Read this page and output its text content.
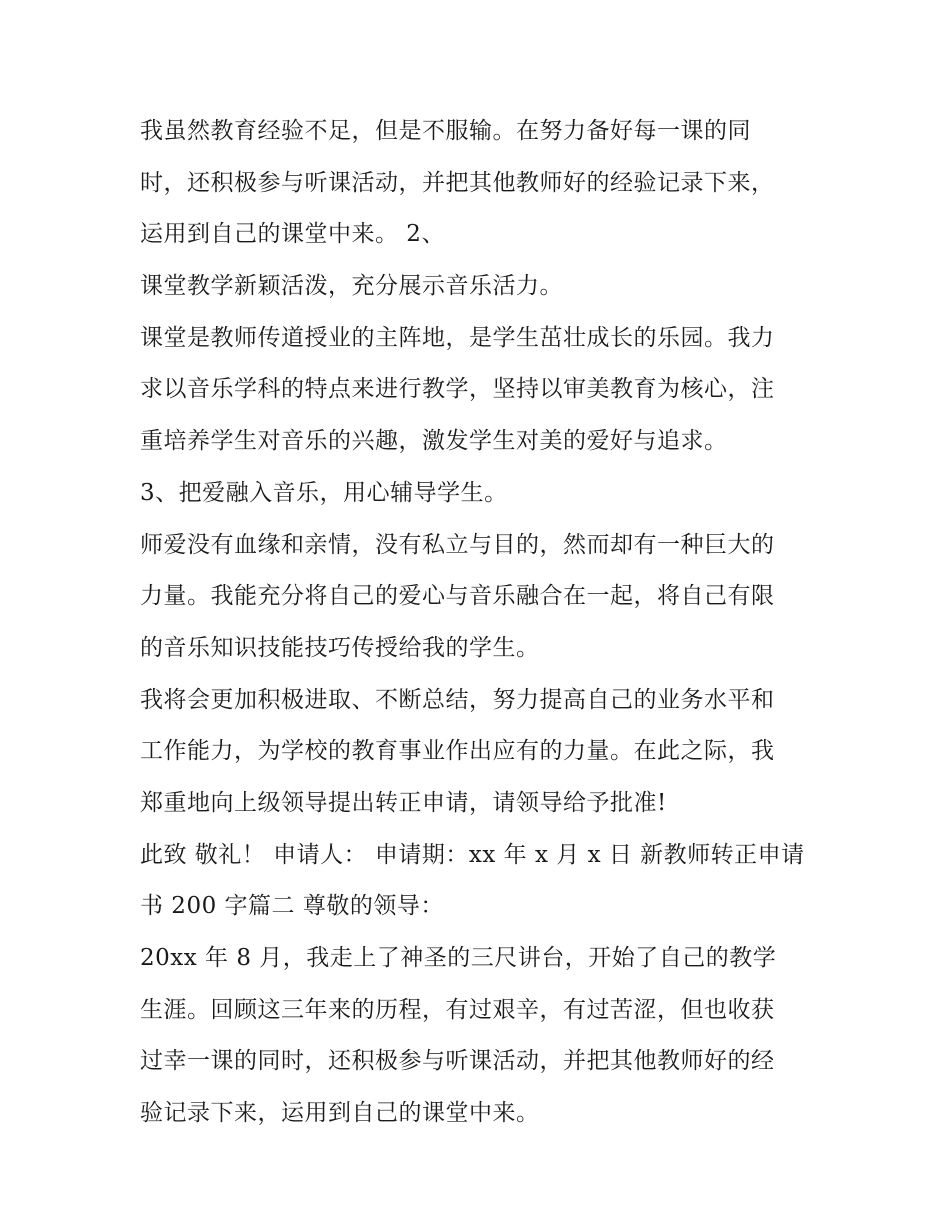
我虽然教育经验不足，但是不服输。在努力备好每一课的同
时，还积极参与听课活动，并把其他教师好的经验记录下来，
运用到自己的课堂中来。 2、
课堂教学新颖活泼，充分展示音乐活力。
课堂是教师传道授业的主阵地，是学生茁壮成长的乐园。我力
求以音乐学科的特点来进行教学，坚持以审美教育为核心，注
重培养学生对音乐的兴趣，激发学生对美的爱好与追求。
3、把爱融入音乐，用心辅导学生。
师爱没有血缘和亲情，没有私立与目的，然而却有一种巨大的
力量。我能充分将自己的爱心与音乐融合在一起，将自己有限
的音乐知识技能技巧传授给我的学生。
我将会更加积极进取、不断总结，努力提高自己的业务水平和
工作能力，为学校的教育事业作出应有的力量。在此之际，我
郑重地向上级领导提出转正申请，请领导给予批准!
此致 敬礼！ 申请人： 申请期：xx 年 x 月 x 日 新教师转正申请
书 200 字篇二 尊敬的领导：
20xx 年 8 月，我走上了神圣的三尺讲台，开始了自己的教学
生涯。回顾这三年来的历程，有过艰辛，有过苦涩，但也收获
过幸一课的同时，还积极参与听课活动，并把其他教师好的经
验记录下来，运用到自己的课堂中来。
